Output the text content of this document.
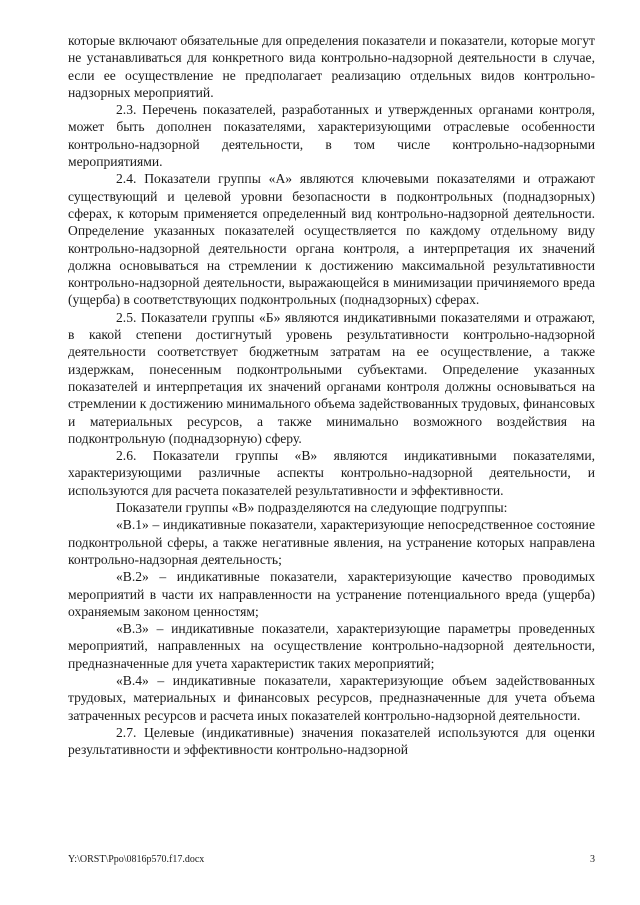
которые включают обязательные для определения показатели и показатели, которые могут не устанавливаться для конкретного вида контрольно-надзорной деятельности в случае, если ее осуществление не предполагает реализацию отдельных видов контрольно-надзорных мероприятий.

2.3. Перечень показателей, разработанных и утвержденных органами контроля, может быть дополнен показателями, характеризующими отраслевые особенности контрольно-надзорной деятельности, в том числе контрольно-надзорными мероприятиями.

2.4. Показатели группы «А» являются ключевыми показателями и отражают существующий и целевой уровни безопасности в подконтрольных (поднадзорных) сферах, к которым применяется определенный вид контрольно-надзорной деятельности. Определение указанных показателей осуществляется по каждому отдельному виду контрольно-надзорной деятельности органа контроля, а интерпретация их значений должна основываться на стремлении к достижению максимальной результативности контрольно-надзорной деятельности, выражающейся в минимизации причиняемого вреда (ущерба) в соответствующих подконтрольных (поднадзорных) сферах.

2.5. Показатели группы «Б» являются индикативными показателями и отражают, в какой степени достигнутый уровень результативности контрольно-надзорной деятельности соответствует бюджетным затратам на ее осуществление, а также издержкам, понесенным подконтрольными субъектами. Определение указанных показателей и интерпретация их значений органами контроля должны основываться на стремлении к достижению минимального объема задействованных трудовых, финансовых и материальных ресурсов, а также минимально возможного воздействия на подконтрольную (поднадзорную) сферу.

2.6. Показатели группы «В» являются индикативными показателями, характеризующими различные аспекты контрольно-надзорной деятельности, и используются для расчета показателей результативности и эффективности.

Показатели группы «В» подразделяются на следующие подгруппы:

«В.1» – индикативные показатели, характеризующие непосредственное состояние подконтрольной сферы, а также негативные явления, на устранение которых направлена контрольно-надзорная деятельность;

«В.2» – индикативные показатели, характеризующие качество проводимых мероприятий в части их направленности на устранение потенциального вреда (ущерба) охраняемым законом ценностям;

«В.3» – индикативные показатели, характеризующие параметры проведенных мероприятий, направленных на осуществление контрольно-надзорной деятельности, предназначенные для учета характеристик таких мероприятий;

«В.4» – индикативные показатели, характеризующие объем задействованных трудовых, материальных и финансовых ресурсов, предназначенные для учета объема затраченных ресурсов и расчета иных показателей контрольно-надзорной деятельности.

2.7. Целевые (индикативные) значения показателей используются для оценки результативности и эффективности контрольно-надзорной

Y:\ORST\Ppo\0816p570.f17.docx	3
